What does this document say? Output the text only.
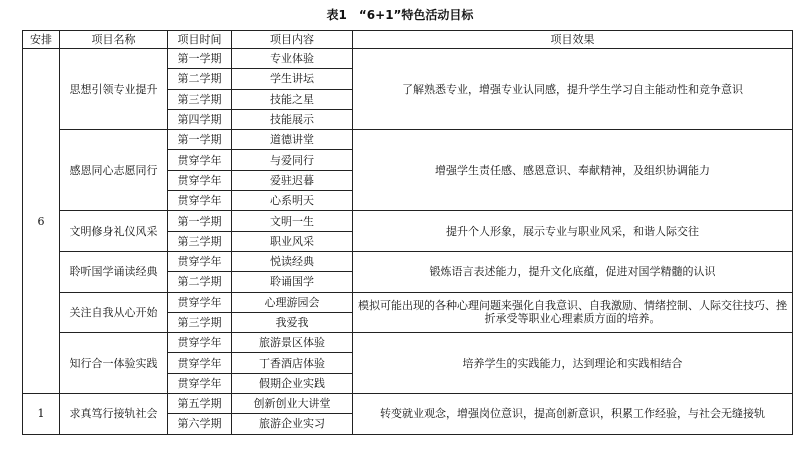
表1　“6+1”特色活动目标
安排	项目名称	项目时间	项目内容	项目效果
6	思想引领专业提升	第一学期	专业体验	了解熟悉专业，增强专业认同感，提升学生学习自主能动性和竞争意识
		第二学期	学生讲坛	
		第三学期	技能之星	
		第四学期	技能展示	
	感恩同心志愿同行	第一学期	道德讲堂	增强学生责任感、感恩意识、奉献精神，及组织协调能力
		贯穿学年	与爱同行	
		贯穿学年	爱驻迟暮	
		贯穿学年	心系明天	
	文明修身礼仪风采	第一学期	文明一生	提升个人形象，展示专业与职业风采，和谐人际交往
		第三学期	职业风采	
	聆听国学诵读经典	贯穿学年	悦读经典	锻炼语言表述能力，提升文化底蕴，促进对国学精髓的认识
		第二学期	聆诵国学	
	关注自我从心开始	贯穿学年	心理游园会	模拟可能出现的各种心理问题来强化自我意识、自我激励、情绪控制、人际交往技巧、挫折承受等职业心理素质方面的培养。
		第三学期	我爱我	
	知行合一体验实践	贯穿学年	旅游景区体验	培养学生的实践能力，达到理论和实践相结合
		贯穿学年	丁香酒店体验	
		贯穿学年	假期企业实践	
1	求真笃行接轨社会	第五学期	创新创业大讲堂	转变就业观念，增强岗位意识，提高创新意识，积累工作经验，与社会无缝接轨
		第六学期	旅游企业实习	
